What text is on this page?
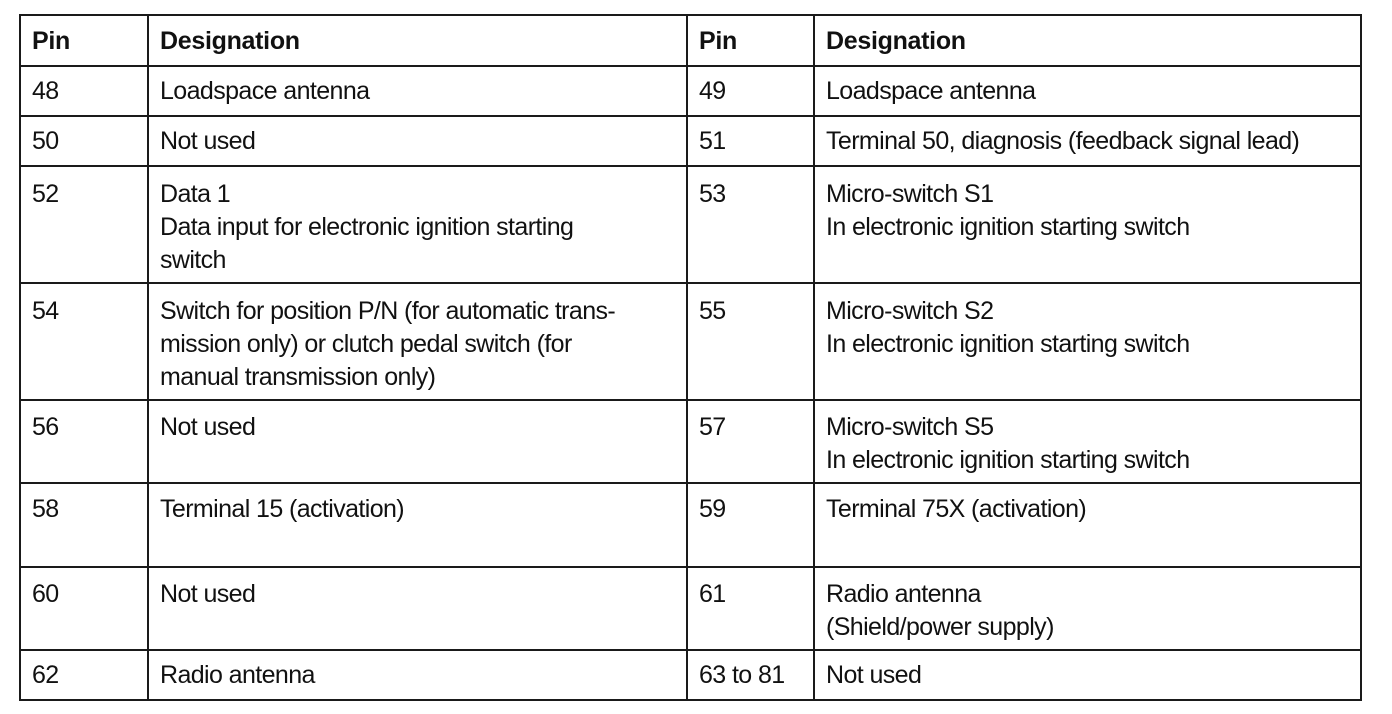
Pin	Designation	Pin	Designation
48	Loadspace antenna	49	Loadspace antenna

50	Not used	51	Terminal 50, diagnosis (feedback signal lead)

52	Data 1
Data input for electronic ignition starting
switch	53	Micro-switch S1
In electronic ignition starting switch

54	Switch for position P/N (for automatic trans-
mission only) or clutch pedal switch (for
manual transmission only)	55	Micro-switch S2
In electronic ignition starting switch

56	Not used	57	Micro-switch S5
In electronic ignition starting switch

58	Terminal 15 (activation)	59	Terminal 75X (activation)

60	Not used	61	Radio antenna
(Shield/power supply)

62	Radio antenna	63 to 81	Not used
